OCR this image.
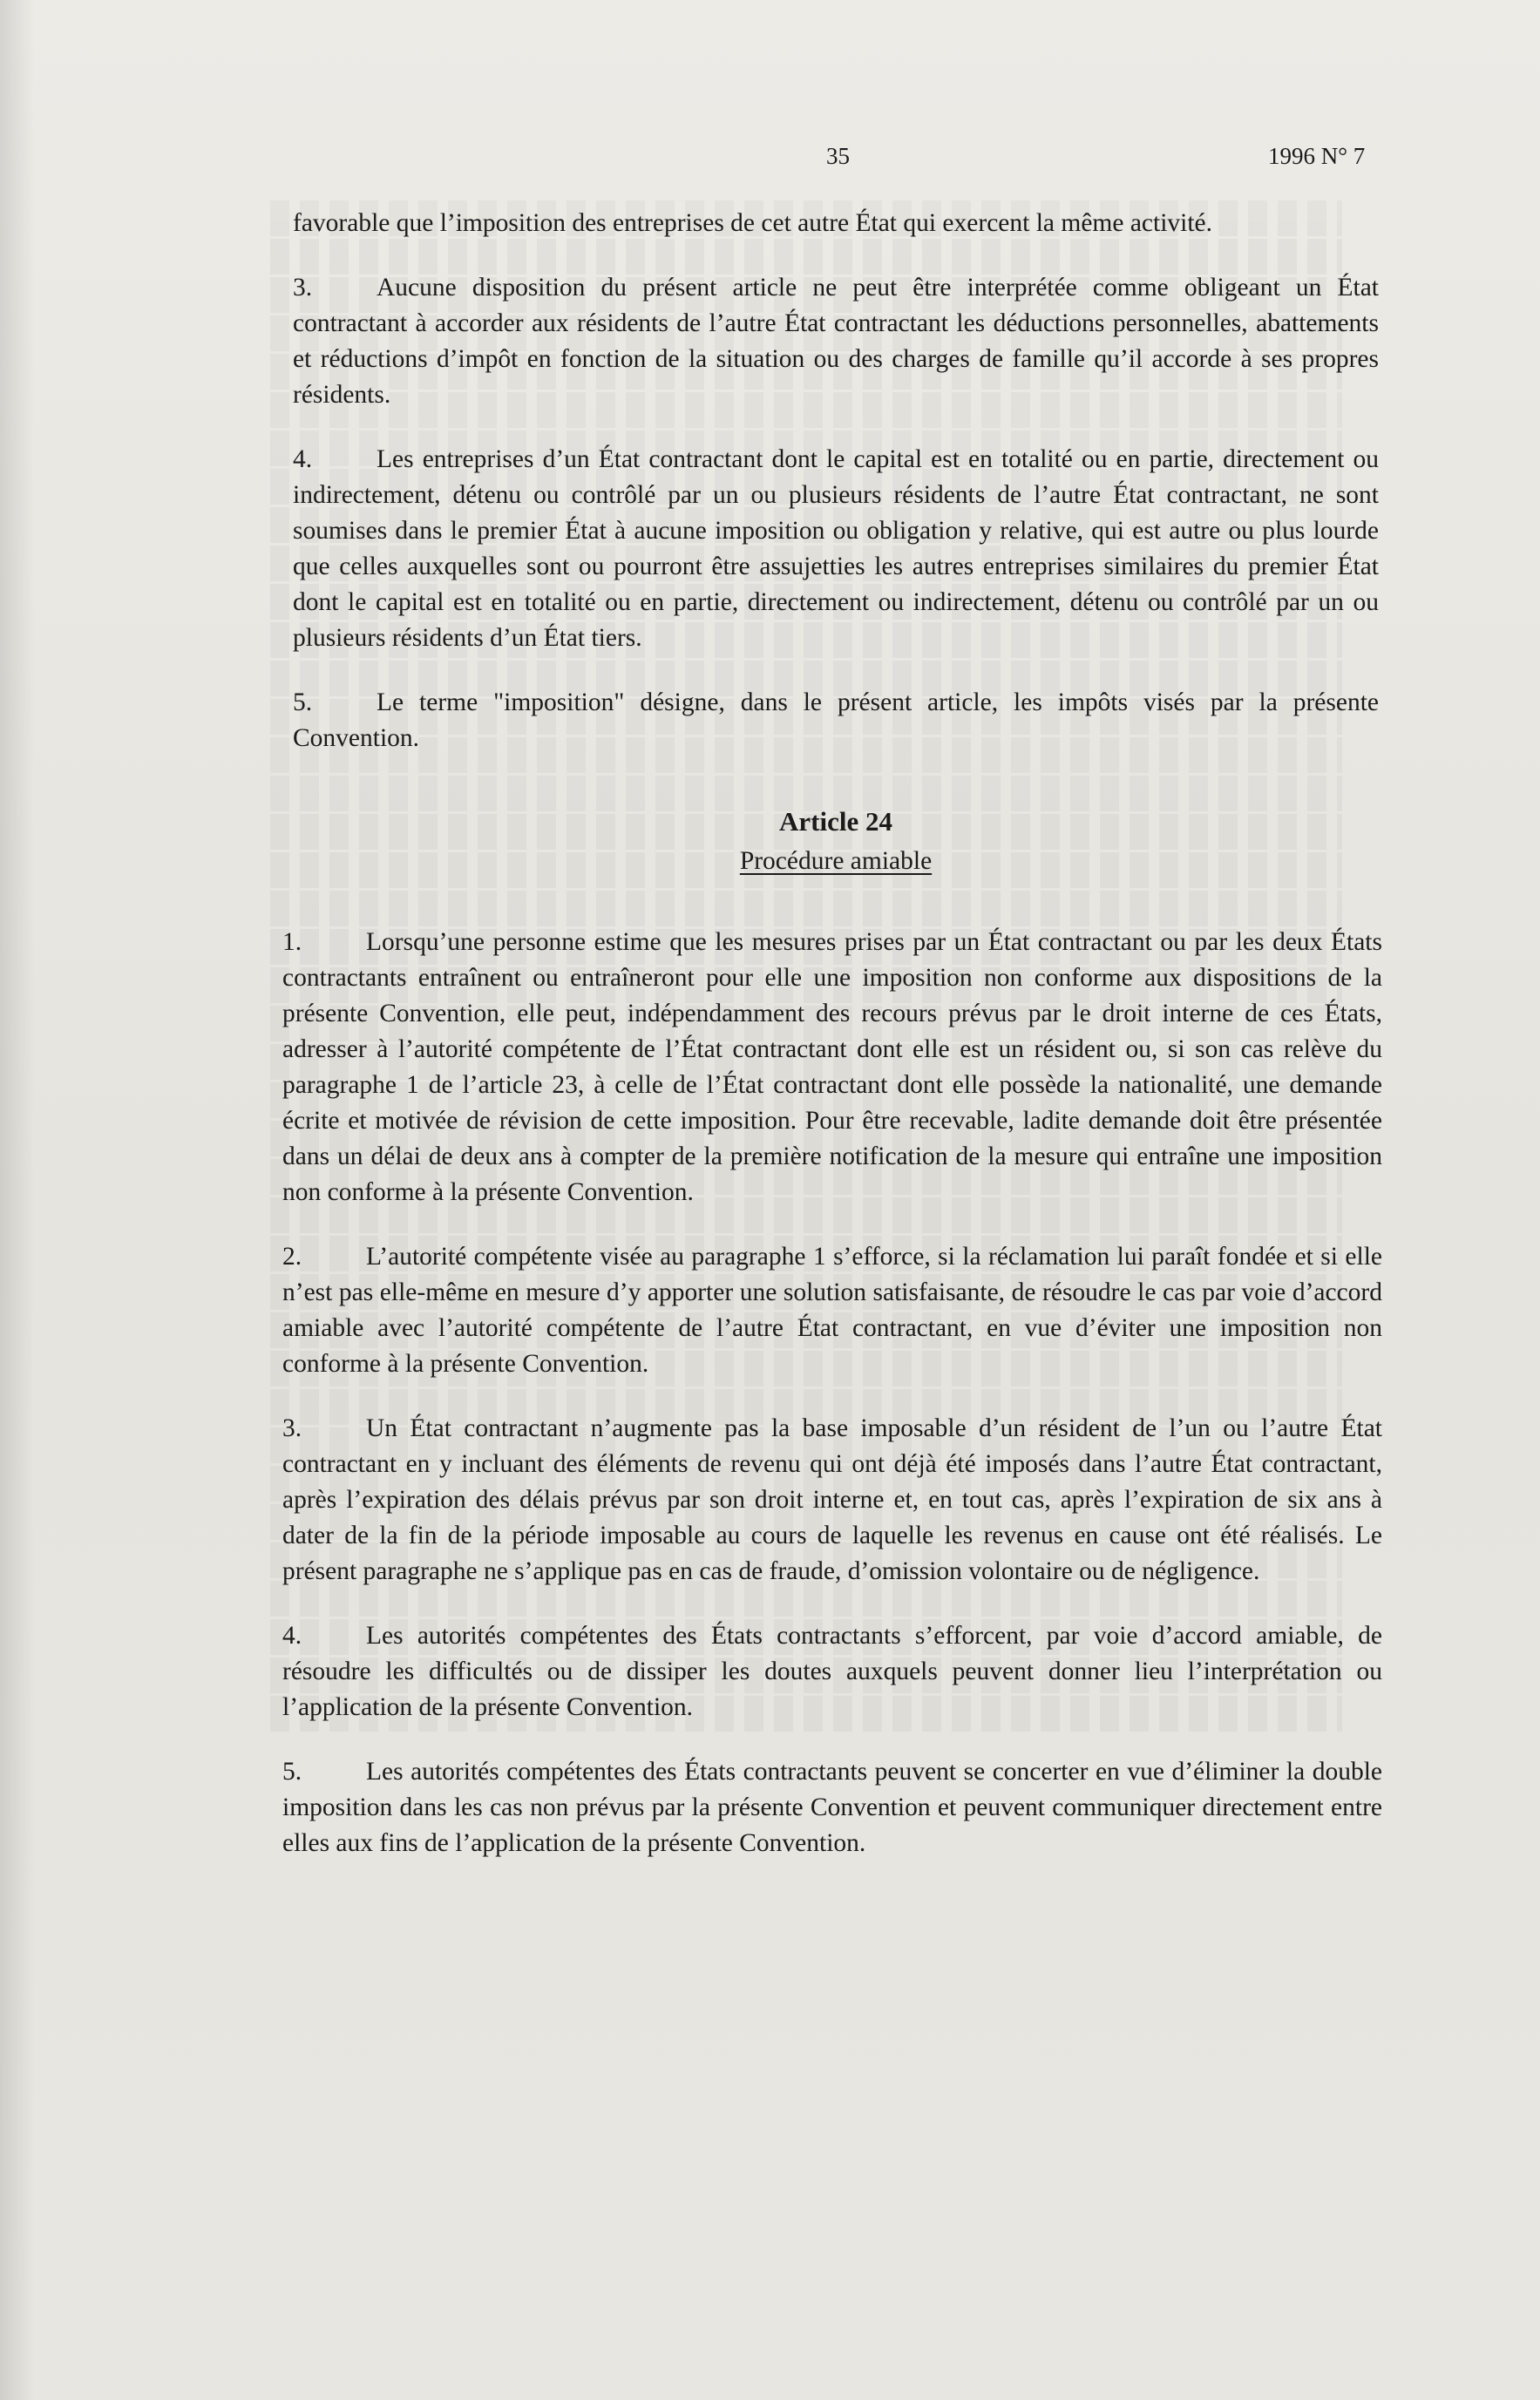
35	1996 N° 7

favorable que l’imposition des entreprises de cet autre État qui exercent la même activité.

3.	Aucune disposition du présent article ne peut être interprétée comme obligeant un État contractant à accorder aux résidents de l’autre État contractant les déductions personnelles, abattements et réductions d’impôt en fonction de la situation ou des charges de famille qu’il accorde à ses propres résidents.

4.	Les entreprises d’un État contractant dont le capital est en totalité ou en partie, directement ou indirectement, détenu ou contrôlé par un ou plusieurs résidents de l’autre État contractant, ne sont soumises dans le premier État à aucune imposition ou obligation y relative, qui est autre ou plus lourde que celles auxquelles sont ou pourront être assujetties les autres entreprises similaires du premier État dont le capital est en totalité ou en partie, directement ou indirectement, détenu ou contrôlé par un ou plusieurs résidents d’un État tiers.

5.	Le terme "imposition" désigne, dans le présent article, les impôts visés par la présente Convention.

Article 24
Procédure amiable

1.	Lorsqu’une personne estime que les mesures prises par un État contractant ou par les deux États contractants entraînent ou entraîneront pour elle une imposition non conforme aux dispositions de la présente Convention, elle peut, indépendamment des recours prévus par le droit interne de ces États, adresser à l’autorité compétente de l’État contractant dont elle est un résident ou, si son cas relève du paragraphe 1 de l’article 23, à celle de l’État contractant dont elle possède la nationalité, une demande écrite et motivée de révision de cette imposition. Pour être recevable, ladite demande doit être présentée dans un délai de deux ans à compter de la première notification de la mesure qui entraîne une imposition non conforme à la présente Convention.

2.	L’autorité compétente visée au paragraphe 1 s’efforce, si la réclamation lui paraît fondée et si elle n’est pas elle-même en mesure d’y apporter une solution satisfaisante, de résoudre le cas par voie d’accord amiable avec l’autorité compétente de l’autre État contractant, en vue d’éviter une imposition non conforme à la présente Convention.

3.	Un État contractant n’augmente pas la base imposable d’un résident de l’un ou l’autre État contractant en y incluant des éléments de revenu qui ont déjà été imposés dans l’autre État contractant, après l’expiration des délais prévus par son droit interne et, en tout cas, après l’expiration de six ans à dater de la fin de la période imposable au cours de laquelle les revenus en cause ont été réalisés. Le présent paragraphe ne s’applique pas en cas de fraude, d’omission volontaire ou de négligence.

4.	Les autorités compétentes des États contractants s’efforcent, par voie d’accord amiable, de résoudre les difficultés ou de dissiper les doutes auxquels peuvent donner lieu l’interprétation ou l’application de la présente Convention.

5.	Les autorités compétentes des États contractants peuvent se concerter en vue d’éliminer la double imposition dans les cas non prévus par la présente Convention et peuvent communiquer directement entre elles aux fins de l’application de la présente Convention.
